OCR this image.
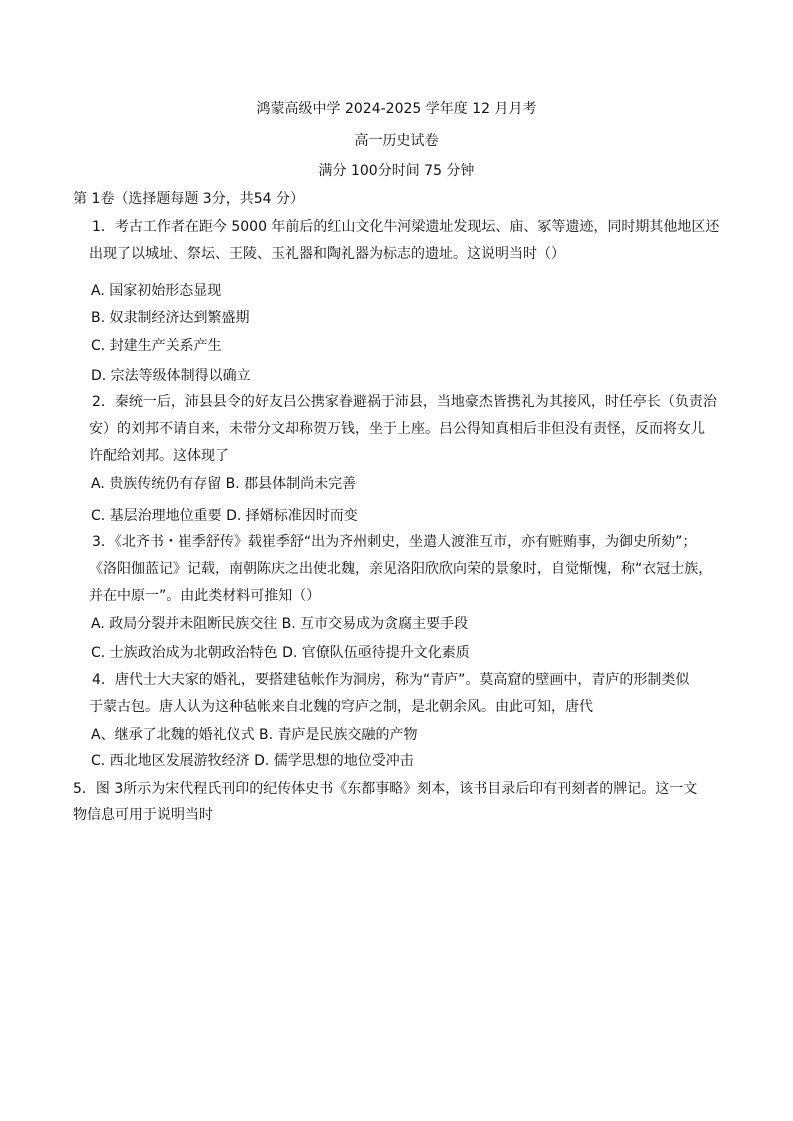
鸿蒙高级中学 2024-2025 学年度 12 月月考
高一历史试卷
满分 100分时间 75 分钟
第 1卷（选择题每题 3分，共54 分）
1．考古工作者在距今 5000 年前后的红山文化牛河梁遗址发现坛、庙、冢等遗迹，同时期其他地区还
出现了以城址、祭坛、王陵、玉礼器和陶礼器为标志的遗址。这说明当时（）
A. 国家初始形态显现
B. 奴隶制经济达到繁盛期
C. 封建生产关系产生
D. 宗法等级体制得以确立
2．秦统一后，沛县县令的好友吕公携家眷避祸于沛县，当地豪杰皆携礼为其接风，时任亭长（负责治
安）的刘邦不请自来，未带分文却称贺万钱，坐于上座。吕公得知真相后非但没有责怪，反而将女儿
许配给刘邦。这体现了
A. 贵族传统仍有存留 B. 郡县体制尚未完善
C. 基层治理地位重要 D. 择婿标准因时而变
3．《北齐书・崔季舒传》载崔季舒“出为齐州刺史，坐遣人渡淮互市，亦有赃贿事，为御史所劾”；
《洛阳伽蓝记》记载，南朝陈庆之出使北魏，亲见洛阳欣欣向荣的景象时，自觉惭愧，称“衣冠士族，
并在中原一”。由此类材料可推知（）
A. 政局分裂并未阻断民族交往 B. 互市交易成为贪腐主要手段
C. 士族政治成为北朝政治特色 D. 官僚队伍亟待提升文化素质
4．唐代士大夫家的婚礼，要搭建毡帐作为洞房，称为“青庐”。莫高窟的壁画中，青庐的形制类似
于蒙古包。唐人认为这种毡帐来自北魏的穹庐之制，是北朝余风。由此可知，唐代
A、继承了北魏的婚礼仪式 B. 青庐是民族交融的产物
C. 西北地区发展游牧经济 D. 儒学思想的地位受冲击
5．图 3所示为宋代程氏刊印的纪传体史书《东都事略》刻本，该书目录后印有刊刻者的牌记。这一文
物信息可用于说明当时
